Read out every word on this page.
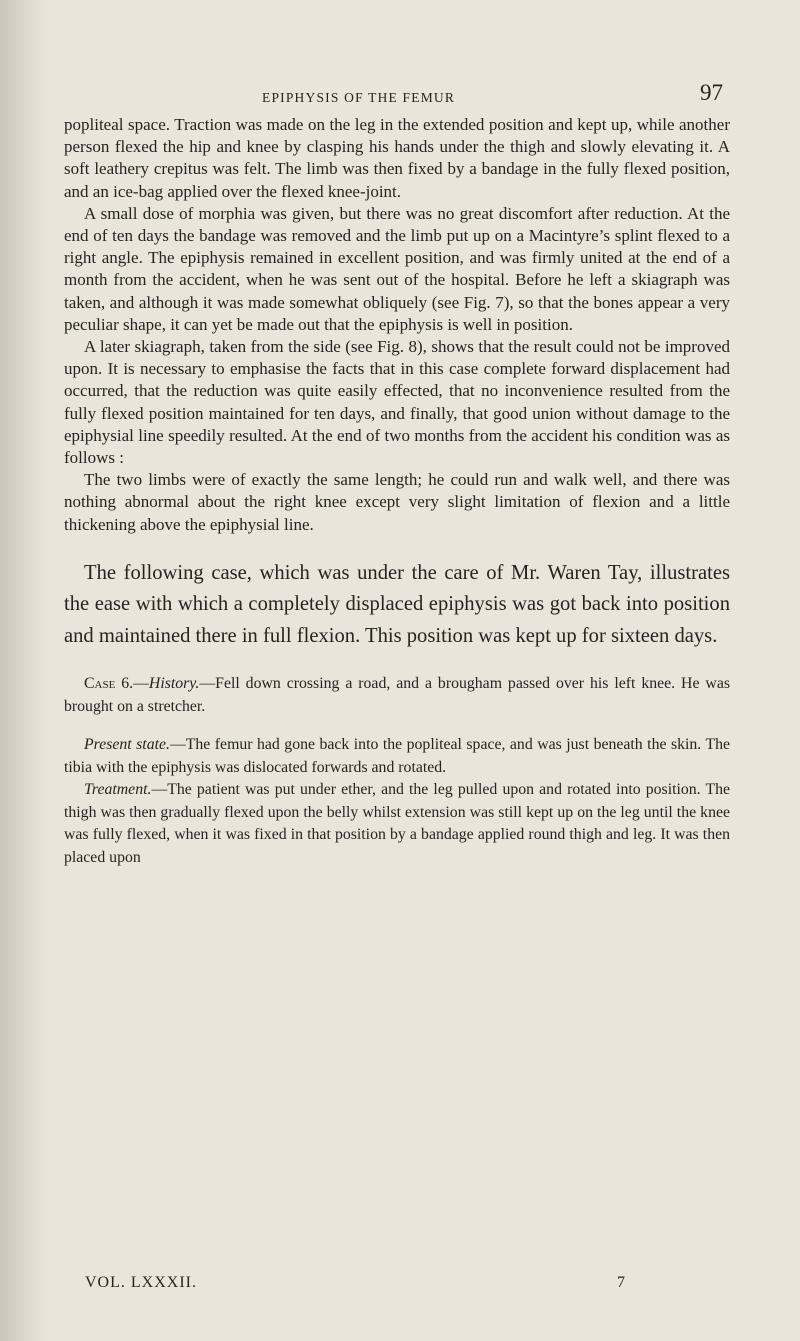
EPIPHYSIS OF THE FEMUR	97

popliteal space. Traction was made on the leg in the extended position and kept up, while another person flexed the hip and knee by clasping his hands under the thigh and slowly elevating it. A soft leathery crepitus was felt. The limb was then fixed by a bandage in the fully flexed position, and an ice-bag applied over the flexed knee-joint.

A small dose of morphia was given, but there was no great discomfort after reduction. At the end of ten days the bandage was removed and the limb put up on a Macintyre’s splint flexed to a right angle. The epiphysis remained in excellent position, and was firmly united at the end of a month from the accident, when he was sent out of the hospital. Before he left a skiagraph was taken, and although it was made somewhat obliquely (see Fig. 7), so that the bones appear a very peculiar shape, it can yet be made out that the epiphysis is well in position.

A later skiagraph, taken from the side (see Fig. 8), shows that the result could not be improved upon. It is necessary to emphasise the facts that in this case complete forward displacement had occurred, that the reduction was quite easily effected, that no inconvenience resulted from the fully flexed position maintained for ten days, and finally, that good union without damage to the epiphysial line speedily resulted. At the end of two months from the accident his condition was as follows :

The two limbs were of exactly the same length; he could run and walk well, and there was nothing abnormal about the right knee except very slight limitation of flexion and a little thickening above the epiphysial line.

The following case, which was under the care of Mr. Waren Tay, illustrates the ease with which a completely displaced epiphysis was got back into position and maintained there in full flexion. This position was kept up for sixteen days.

Case 6.—History.—Fell down crossing a road, and a brougham passed over his left knee. He was brought on a stretcher.

Present state.—The femur had gone back into the popliteal space, and was just beneath the skin. The tibia with the epiphysis was dislocated forwards and rotated.

Treatment.—The patient was put under ether, and the leg pulled upon and rotated into position. The thigh was then gradually flexed upon the belly whilst extension was still kept up on the leg until the knee was fully flexed, when it was fixed in that position by a bandage applied round thigh and leg. It was then placed upon

VOL. LXXXII.	7
